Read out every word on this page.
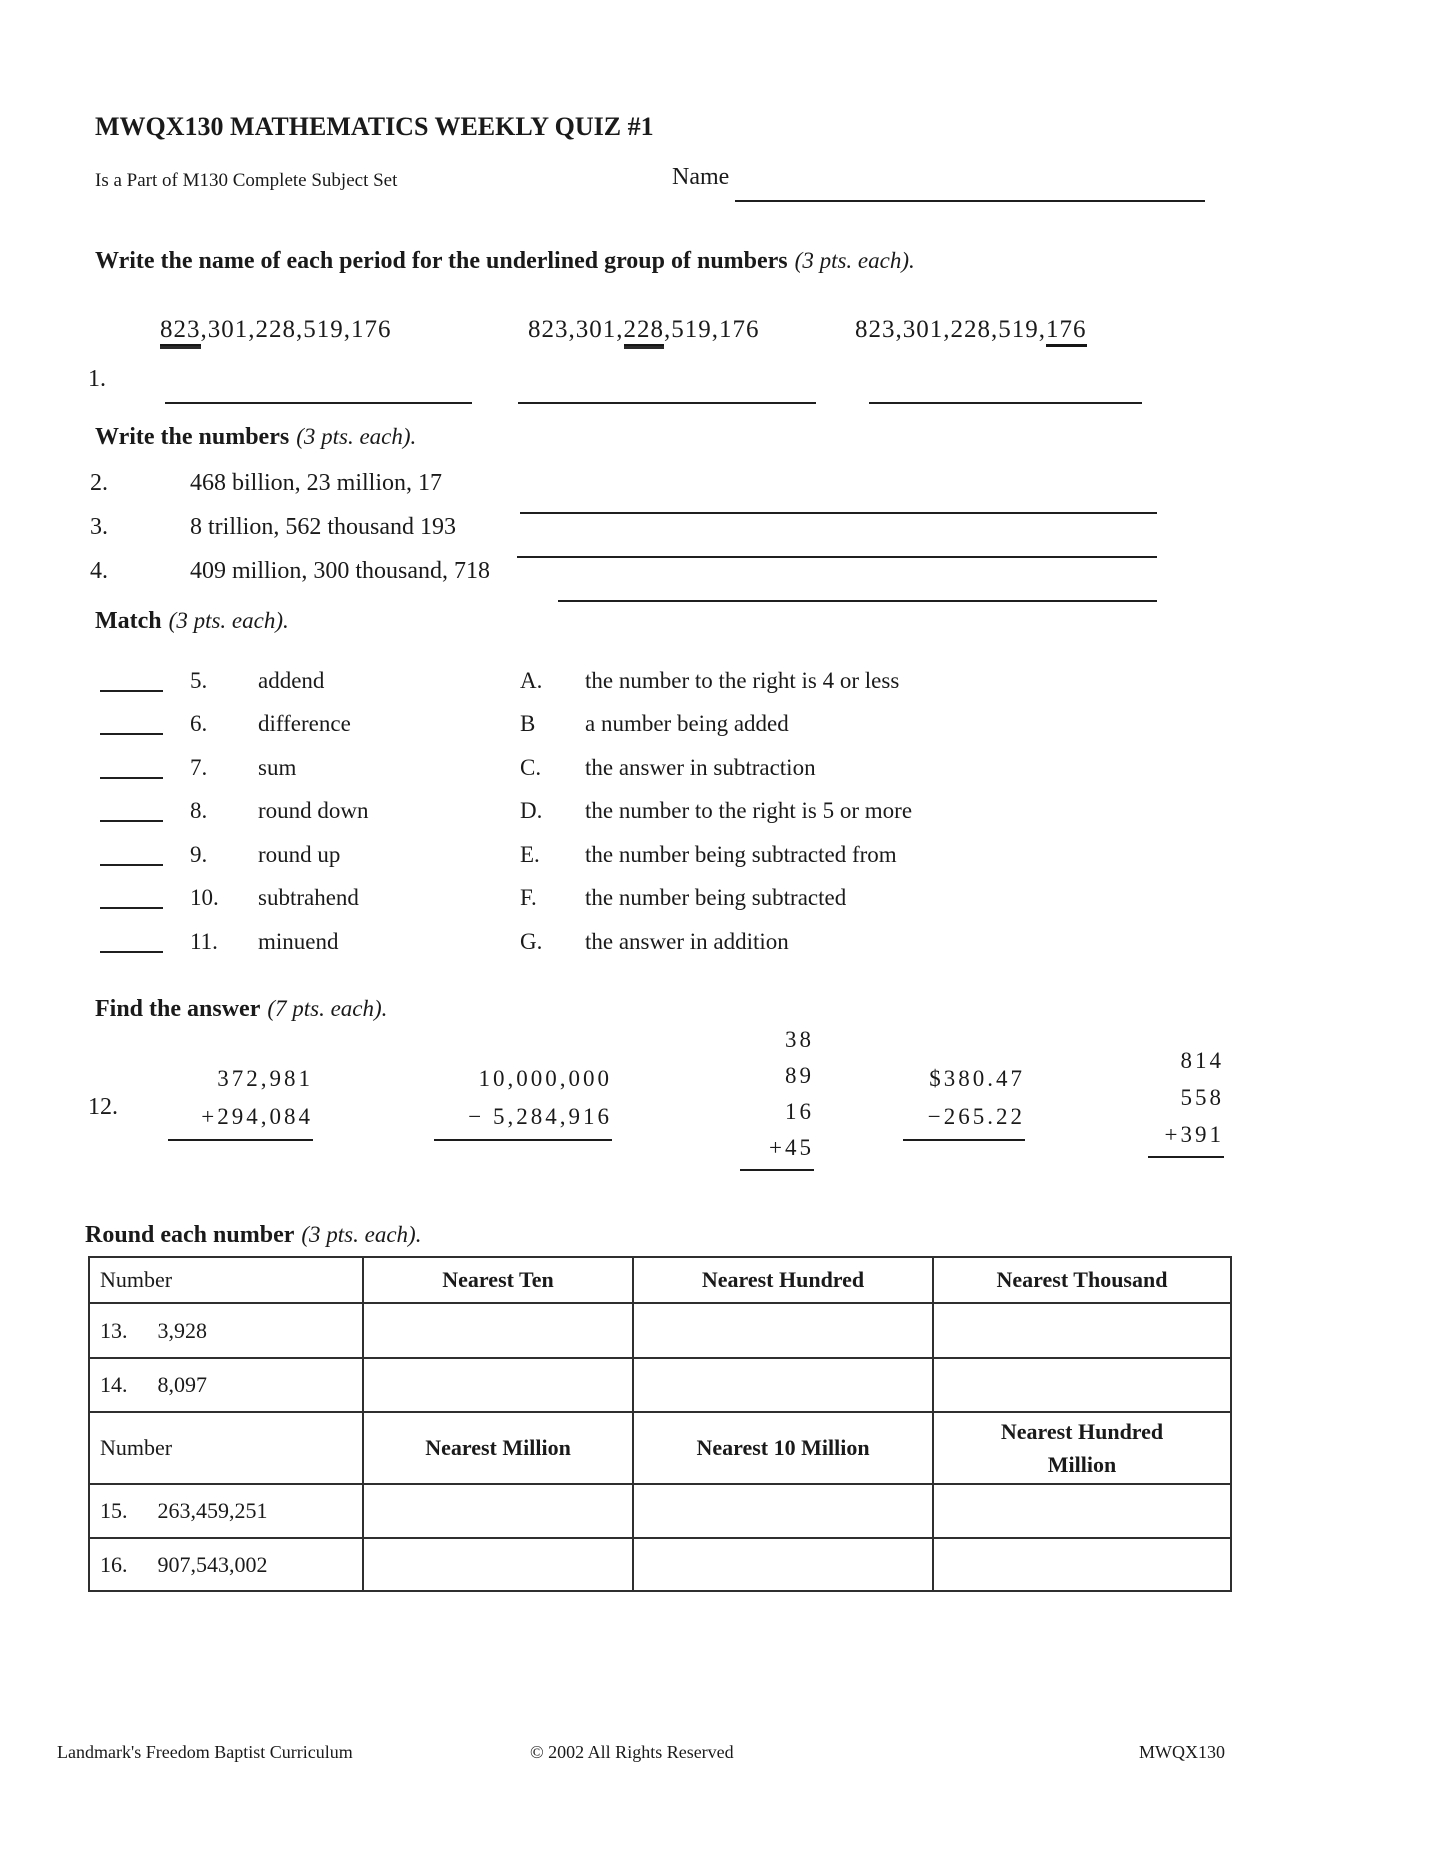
MWQX130 MATHEMATICS WEEKLY QUIZ #1
Is a Part of M130 Complete Subject Set	Name
Write the name of each period for the underlined group of numbers (3 pts. each).
823,301,228,519,176	823,301,228,519,176	823,301,228,519,176
1.
Write the numbers (3 pts. each).
2.	468 billion, 23 million, 17
3.	8 trillion, 562 thousand 193
4.	409 million, 300 thousand, 718
Match (3 pts. each).
5. addend	A. the number to the right is 4 or less
6. difference	B a number being added
7. sum	C. the answer in subtraction
8. round down	D. the number to the right is 5 or more
9. round up	E. the number being subtracted from
10. subtrahend	F. the number being subtracted
11. minuend	G. the answer in addition
Find the answer (7 pts. each).
12.
372,981
+294,084
10,000,000
− 5,284,916
38
89
16
+45
$380.47
−265.22
814
558
+391
Round each number (3 pts. each).
Number	Nearest Ten	Nearest Hundred	Nearest Thousand
13. 3,928			
14. 8,097			
Number	Nearest Million	Nearest 10 Million	Nearest Hundred Million

15. 263,459,251			
16. 907,543,002			
Landmark's Freedom Baptist Curriculum	© 2002 All Rights Reserved	MWQX130
